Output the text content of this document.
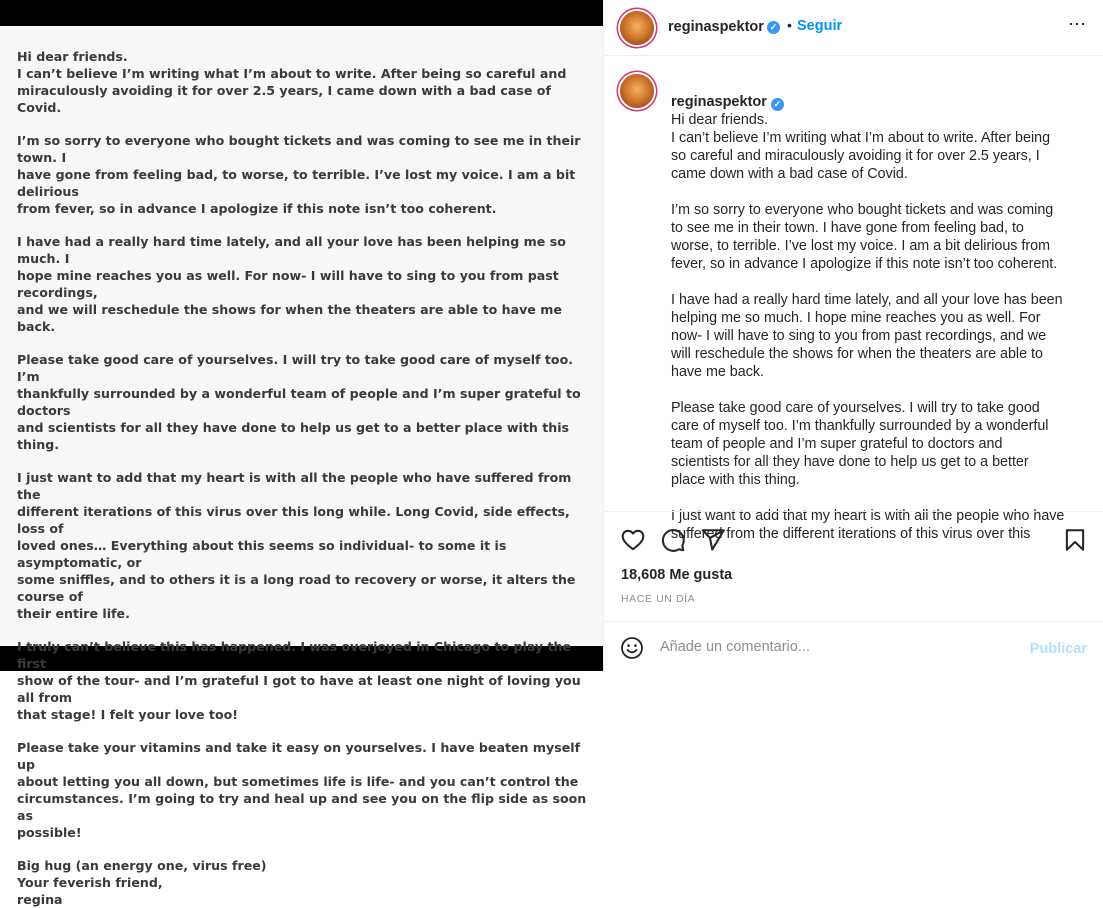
Hi dear friends.
I can’t believe I’m writing what I’m about to write. After being so careful and
miraculously avoiding it for over 2.5 years, I came down with a bad case of Covid.

I’m so sorry to everyone who bought tickets and was coming to see me in their town. I
have gone from feeling bad, to worse, to terrible. I’ve lost my voice. I am a bit delirious
from fever, so in advance I apologize if this note isn’t too coherent.

I have had a really hard time lately, and all your love has been helping me so much. I
hope mine reaches you as well. For now- I will have to sing to you from past recordings,
and we will reschedule the shows for when the theaters are able to have me back.

Please take good care of yourselves. I will try to take good care of myself too. I’m
thankfully surrounded by a wonderful team of people and I’m super grateful to doctors
and scientists for all they have done to help us get to a better place with this thing.

I just want to add that my heart is with all the people who have suffered from the
different iterations of this virus over this long while. Long Covid, side effects, loss of
loved ones… Everything about this seems so individual- to some it is asymptomatic, or
some sniffles, and to others it is a long road to recovery or worse, it alters the course of
their entire life.

I truly can’t believe this has happened. I was overjoyed in Chicago to play the first
show of the tour- and I’m grateful I got to have at least one night of loving you all from
that stage! I felt your love too!

Please take your vitamins and take it easy on yourselves. I have beaten myself up
about letting you all down, but sometimes life is life- and you can’t control the
circumstances. I’m going to try and heal up and see you on the flip side as soon as
possible!

Big hug (an energy one, virus free)
Your feverish friend,
regina

reginaspektor ✓ • Seguir	⋯

reginaspektor ✓
Hi dear friends.

I can’t believe I’m writing what I’m about to write. After being
so careful and miraculously avoiding it for over 2.5 years, I
came down with a bad case of Covid.

I’m so sorry to everyone who bought tickets and was coming
to see me in their town. I have gone from feeling bad, to
worse, to terrible. I’ve lost my voice. I am a bit delirious from
fever, so in advance I apologize if this note isn’t too coherent.

I have had a really hard time lately, and all your love has been
helping me so much. I hope mine reaches you as well. For
now- I will have to sing to you from past recordings, and we
will reschedule the shows for when the theaters are able to
have me back.

Please take good care of yourselves. I will try to take good
care of myself too. I’m thankfully surrounded by a wonderful
team of people and I’m super grateful to doctors and
scientists for all they have done to help us get to a better
place with this thing.

I just want to add that my heart is with all the people who have
suffered from the different iterations of this virus over this

18,608 Me gusta
HACE UN DÍA
Añade un comentario...
Publicar
